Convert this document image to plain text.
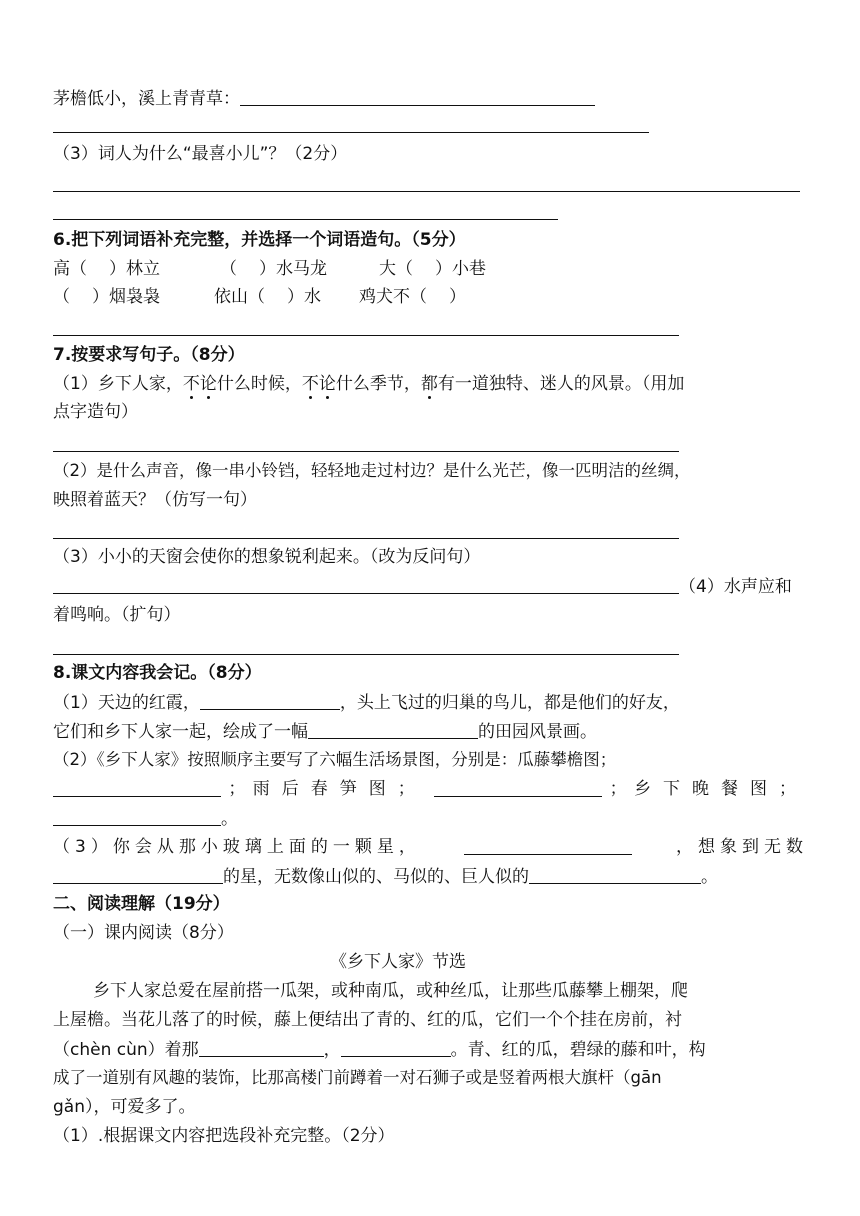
茅檐低小，溪上青青草：
（3）词人为什么“最喜小儿”？（2分）
6.把下列词语补充完整，并选择一个词语造句。（5分）
高（ ）林立	（ ）水马龙	大（ ）小巷
（ ）烟袅袅	依山（ ）水 鸡犬不（ ）
7.按要求写句子。（8分）
（1）乡下人家，不论什么时候，不论什么季节，都有一道独特、迷人的风景。（用加
点字造句）
（2）是什么声音，像一串小铃铛，轻轻地走过村边？是什么光芒，像一匹明洁的丝绸，
映照着蓝天？（仿写一句）
（3）小小的天窗会使你的想象锐利起来。（改为反问句）
（4）水声应和
着鸣响。（扩句）
8.课文内容我会记。（8分）
（1）天边的红霞，	，头上飞过的归巢的鸟儿，都是他们的好友，
它们和乡下人家一起，绘成了一幅	的田园风景画。
（2）《乡下人家》按照顺序主要写了六幅生活场景图，分别是：瓜藤攀檐图；
； 雨后春笋图；	； 乡下晚餐图；
。
（3）你会从那小玻璃上面的一颗星，	，想象到无数
的星，无数像山似的、马似的、巨人似的	。
二、阅读理解（19分）
（一）课内阅读（8分）
《乡下人家》节选
乡下人家总爱在屋前搭一瓜架，或种南瓜，或种丝瓜，让那些瓜藤攀上棚架，爬
上屋檐。当花儿落了的时候，藤上便结出了青的、红的瓜，它们一个个挂在房前，衬
（chèn cùn）着那	，	。青、红的瓜，碧绿的藤和叶，构
成了一道别有风趣的装饰，比那高楼门前蹲着一对石狮子或是竖着两根大旗杆（gān
gǎn），可爱多了。
（1）.根据课文内容把选段补充完整。（2分）
